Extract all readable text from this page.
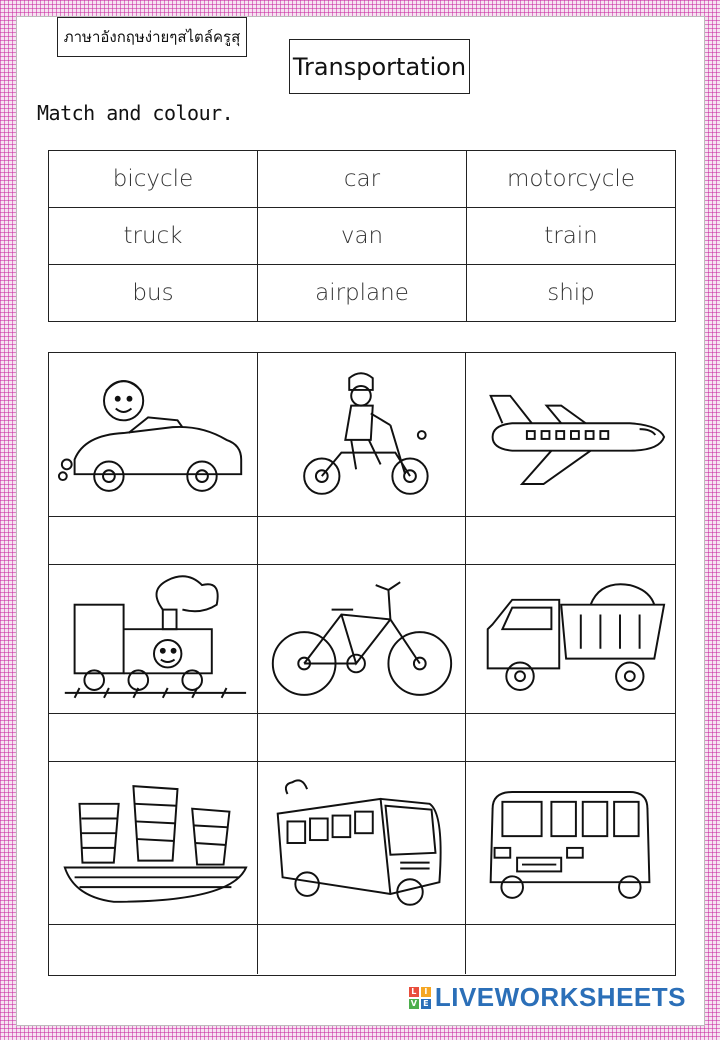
ภาษาอังกฤษง่ายๆสไตล์ครูสุ
Transportation
Match and colour.
bicycle	car	motorcycle
truck	van	train
bus	airplane	ship
L I
V E LIVEWORKSHEETS
